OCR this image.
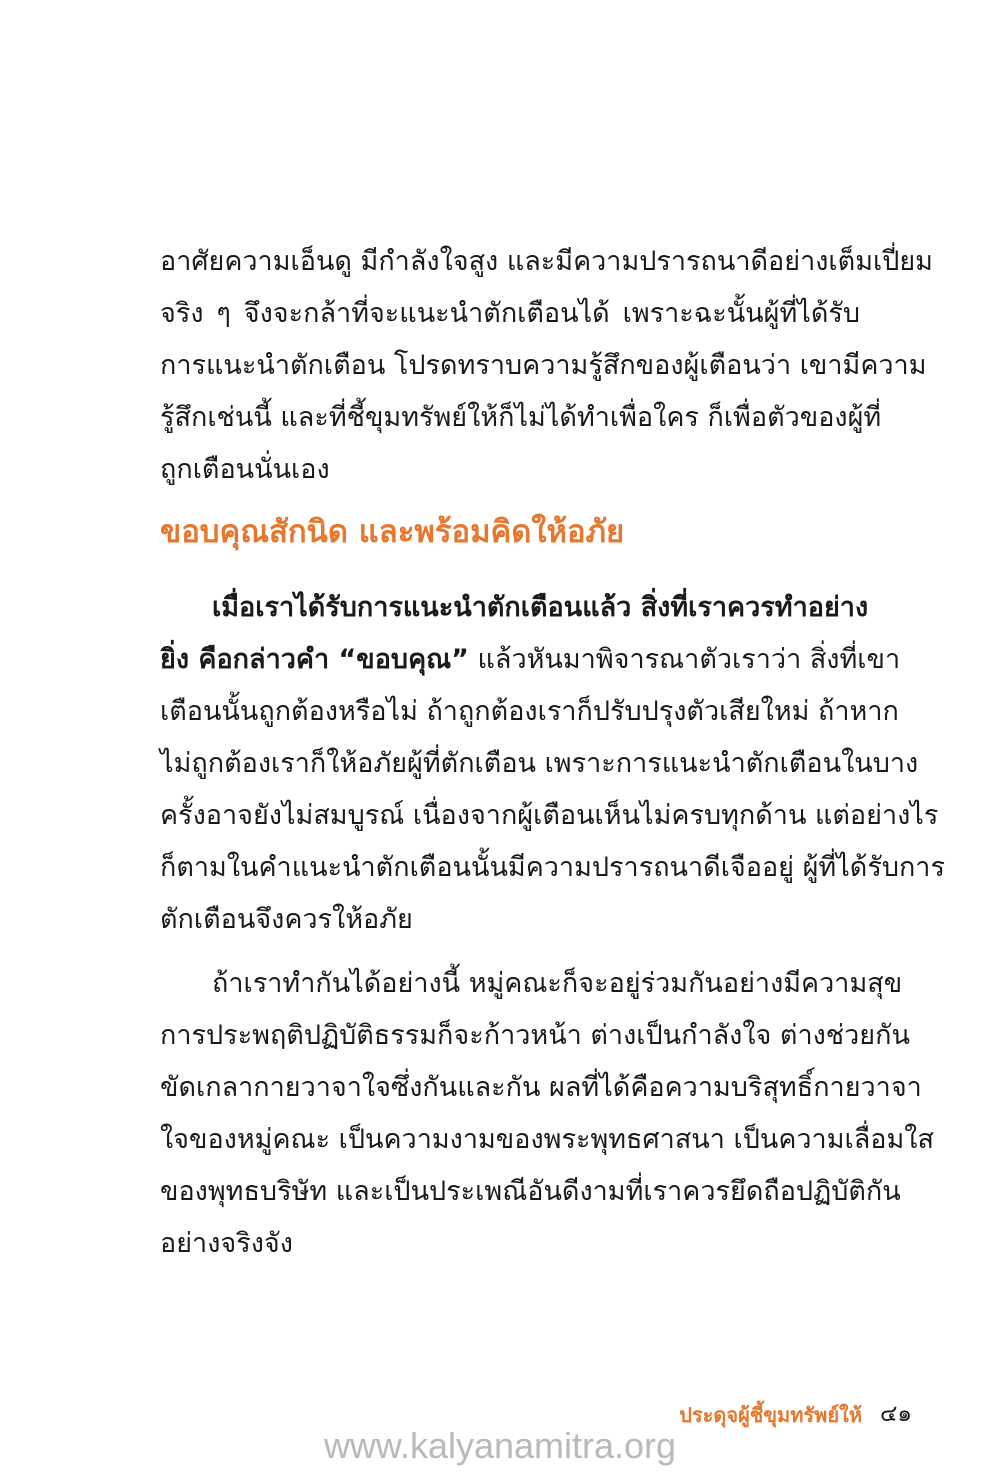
อาศัยความเอ็นดู มีกำลังใจสูง และมีความปรารถนาดีอย่างเต็มเปี่ยม
จริง ๆ จึงจะกล้าที่จะแนะนำตักเตือนได้ เพราะฉะนั้นผู้ที่ได้รับ
การแนะนำตักเตือน โปรดทราบความรู้สึกของผู้เตือนว่า เขามีความ
รู้สึกเช่นนี้ และที่ชี้ขุมทรัพย์ให้ก็ไม่ได้ทำเพื่อใคร ก็เพื่อตัวของผู้ที่
ถูกเตือนนั่นเอง
ขอบคุณสักนิด และพร้อมคิดให้อภัย
เมื่อเราได้รับการแนะนำตักเตือนแล้ว สิ่งที่เราควรทำอย่าง
ยิ่ง คือกล่าวคำ “ขอบคุณ” แล้วหันมาพิจารณาตัวเราว่า สิ่งที่เขา
เตือนนั้นถูกต้องหรือไม่ ถ้าถูกต้องเราก็ปรับปรุงตัวเสียใหม่ ถ้าหาก
ไม่ถูกต้องเราก็ให้อภัยผู้ที่ตักเตือน เพราะการแนะนำตักเตือนในบาง
ครั้งอาจยังไม่สมบูรณ์ เนื่องจากผู้เตือนเห็นไม่ครบทุกด้าน แต่อย่างไร
ก็ตามในคำแนะนำตักเตือนนั้นมีความปรารถนาดีเจืออยู่ ผู้ที่ได้รับการ
ตักเตือนจึงควรให้อภัย
ถ้าเราทำกันได้อย่างนี้ หมู่คณะก็จะอยู่ร่วมกันอย่างมีความสุข
การประพฤติปฏิบัติธรรมก็จะก้าวหน้า ต่างเป็นกำลังใจ ต่างช่วยกัน
ขัดเกลากายวาจาใจซึ่งกันและกัน ผลที่ได้คือความบริสุทธิ์กายวาจา
ใจของหมู่คณะ เป็นความงามของพระพุทธศาสนา เป็นความเลื่อมใส
ของพุทธบริษัท และเป็นประเพณีอันดีงามที่เราควรยึดถือปฏิบัติกัน
อย่างจริงจัง
ประดุจผู้ชี้ขุมทรัพย์ให้ ๔๑
www.kalyanamitra.org
